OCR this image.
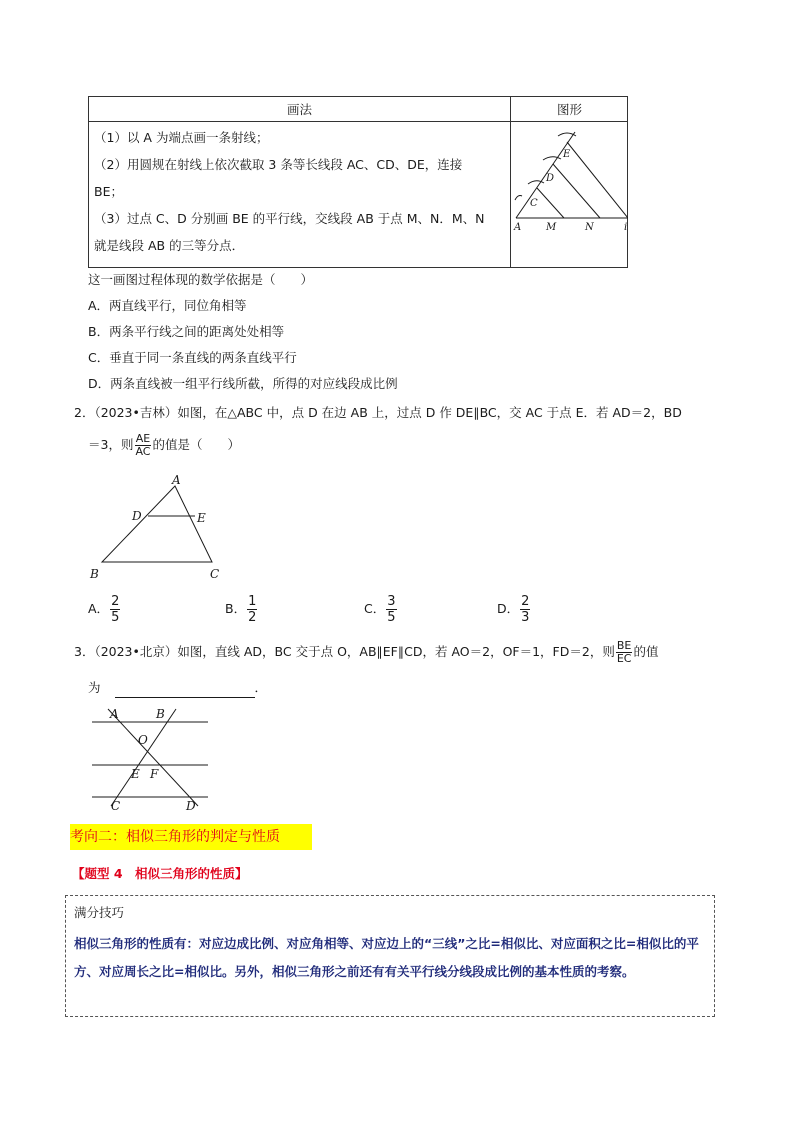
画法	图形
（1）以 A 为端点画一条射线；
（2）用圆规在射线上依次截取 3 条等长线段 AC、CD、DE，连接
BE；
（3）过点 C、D 分别画 BE 的平行线，交线段 AB 于点 M、N．M、N
就是线段 AB 的三等分点．
A M	N	i
C
D
E
这一画图过程体现的数学依据是（　　）
A．两直线平行，同位角相等
B．两条平行线之间的距离处处相等
C．垂直于同一条直线的两条直线平行
D．两条直线被一组平行线所截，所得的对应线段成比例
2．（2023•吉林）如图，在△ABC 中，点 D 在边 AB 上，过点 D 作 DE∥BC，交 AC 于点 E．若 AD＝2，BD
＝3，则 $\frac{AE}{AC}$ 的值是（　　）
A
D	E
B	C
A． $\frac{2}{5}$	B． $\frac{1}{2}$	C． $\frac{3}{5}$	D． $\frac{2}{3}$
3．（2023•北京）如图，直线 AD，BC 交于点 O，AB∥EF∥CD，若 AO＝2，OF＝1，FD＝2，则 $\frac{BE}{EC}$ 的值
为	．
A	B
O
E F
C	D
考向二：相似三角形的判定与性质
【题型 4　相似三角形的性质】
满分技巧
相似三角形的性质有：对应边成比例、对应角相等、对应边上的“三线”之比=相似比、对应面积之比=相似比的平方、对应周长之比=相似比。另外，相似三角形之前还有有关平行线分线段成比例的基本性质的考察。
